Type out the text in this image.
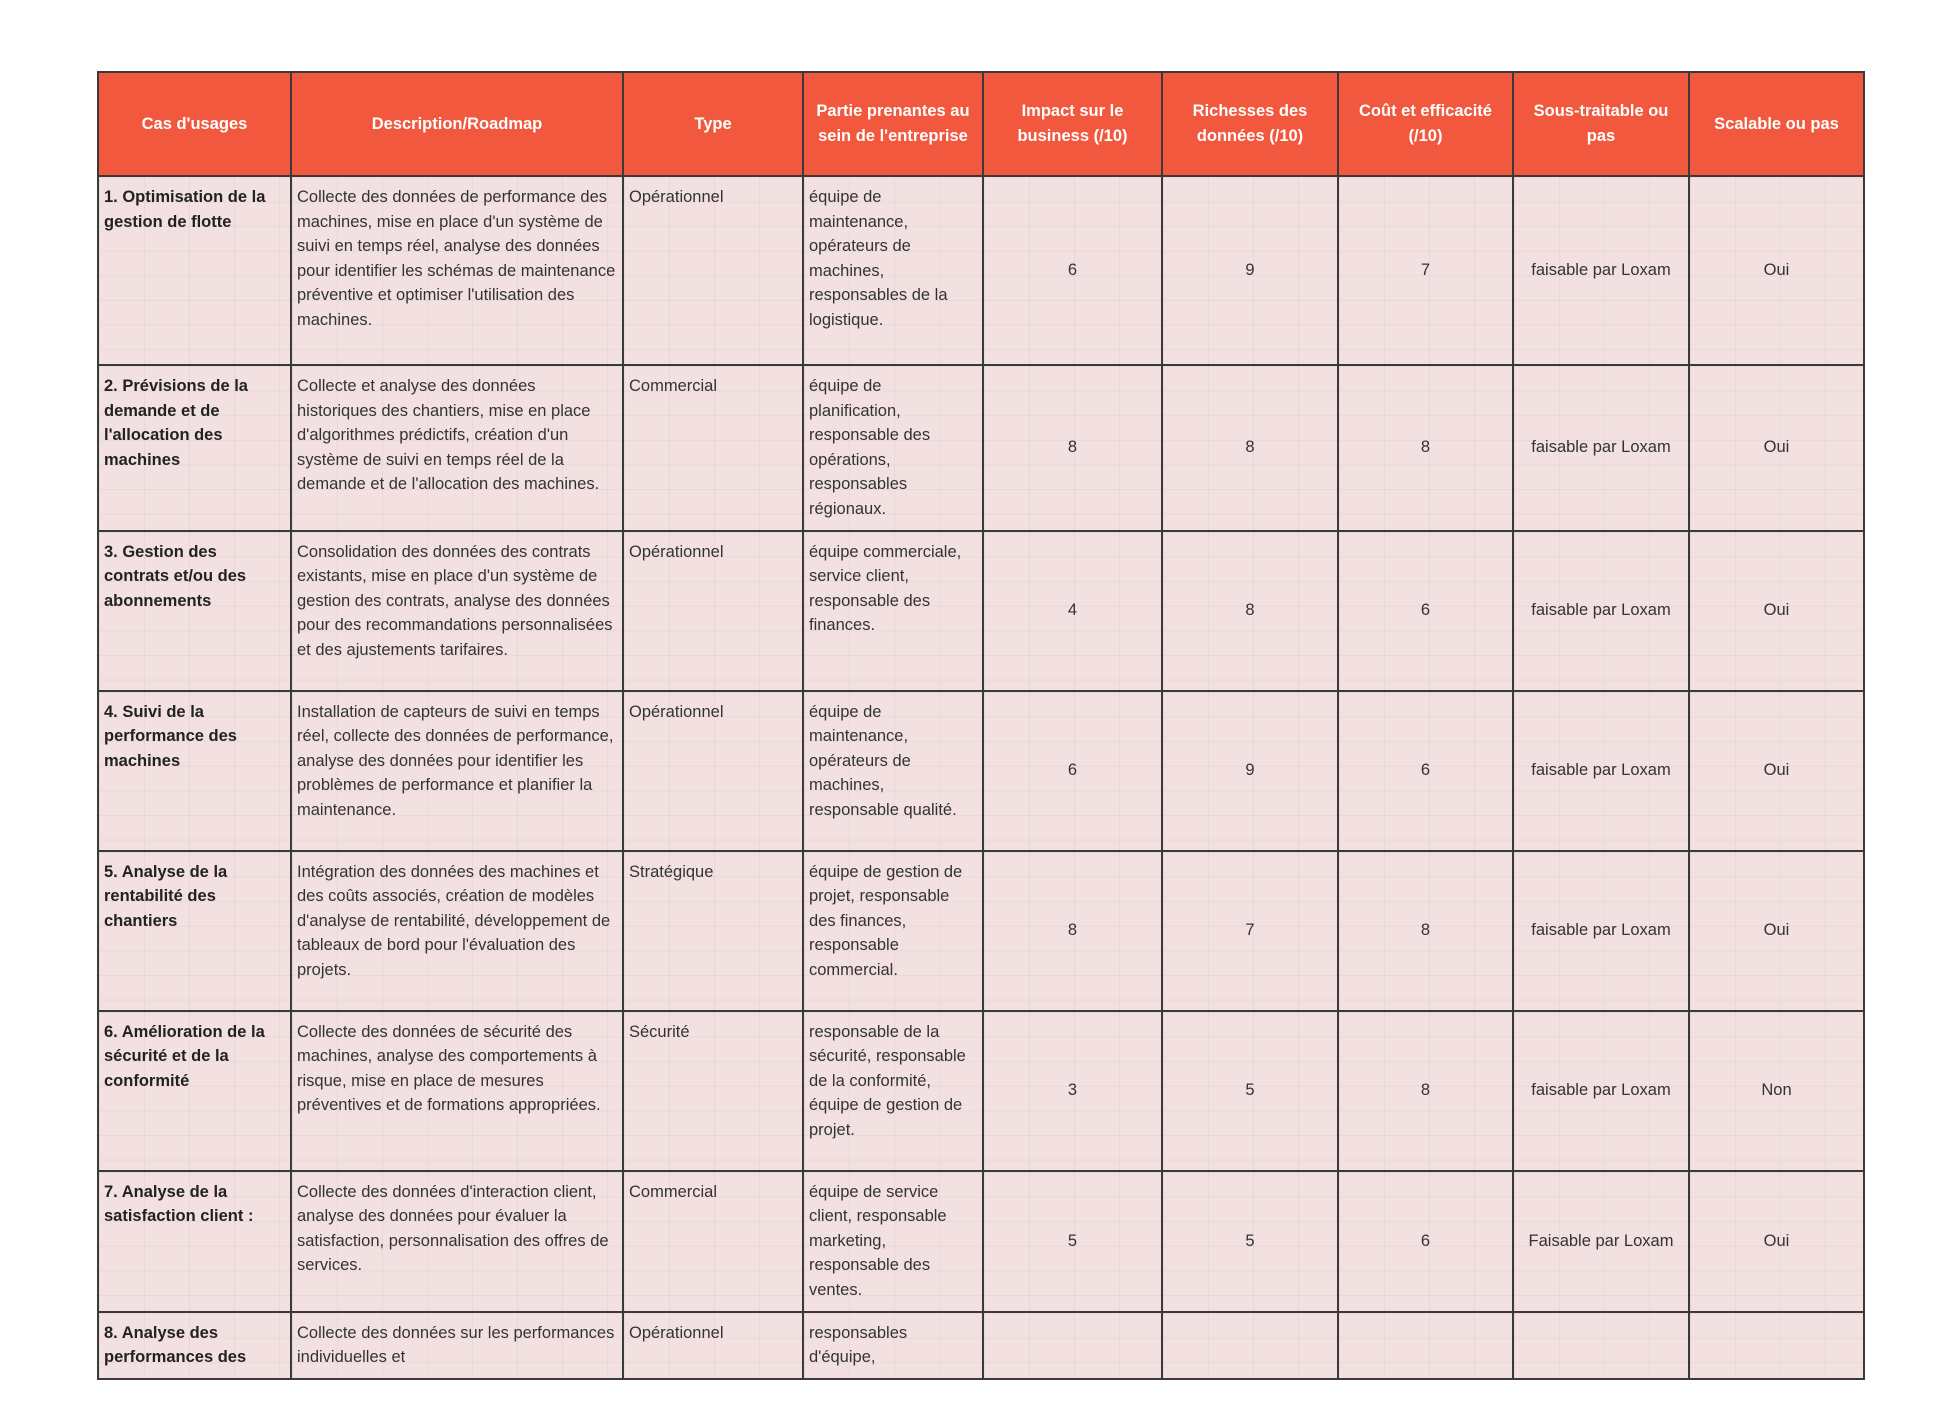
Cas d'usages	Description/Roadmap	Type	Partie prenantes au sein de l'entreprise	Impact sur le business (/10)	Richesses des données (/10)	Coût et efficacité (/10)	Sous-traitable ou pas	Scalable ou pas
1. Optimisation de la gestion de flotte	Collecte des données de performance des machines, mise en place d'un système de suivi en temps réel, analyse des données pour identifier les schémas de maintenance préventive et optimiser l'utilisation des machines.	Opérationnel	équipe de maintenance, opérateurs de machines, responsables de la logistique.	6	9	7	faisable par Loxam	Oui
2. Prévisions de la demande et de l'allocation des machines	Collecte et analyse des données historiques des chantiers, mise en place d'algorithmes prédictifs, création d'un système de suivi en temps réel de la demande et de l'allocation des machines.	Commercial	équipe de planification, responsable des opérations, responsables régionaux.	8	8	8	faisable par Loxam	Oui
3. Gestion des contrats et/ou des abonnements	Consolidation des données des contrats existants, mise en place d'un système de gestion des contrats, analyse des données pour des recommandations personnalisées et des ajustements tarifaires.	Opérationnel	équipe commerciale, service client, responsable des finances.	4	8	6	faisable par Loxam	Oui
4. Suivi de la performance des machines	Installation de capteurs de suivi en temps réel, collecte des données de performance, analyse des données pour identifier les problèmes de performance et planifier la maintenance.	Opérationnel	équipe de maintenance, opérateurs de machines, responsable qualité.	6	9	6	faisable par Loxam	Oui
5. Analyse de la rentabilité des chantiers	Intégration des données des machines et des coûts associés, création de modèles d'analyse de rentabilité, développement de tableaux de bord pour l'évaluation des projets.	Stratégique	équipe de gestion de projet, responsable des finances, responsable commercial.	8	7	8	faisable par Loxam	Oui
6. Amélioration de la sécurité et de la conformité	Collecte des données de sécurité des machines, analyse des comportements à risque, mise en place de mesures préventives et de formations appropriées.	Sécurité	responsable de la sécurité, responsable de la conformité, équipe de gestion de projet.	3	5	8	faisable par Loxam	Non
7. Analyse de la satisfaction client :	Collecte des données d'interaction client, analyse des données pour évaluer la satisfaction, personnalisation des offres de services.	Commercial	équipe de service client, responsable marketing, responsable des ventes.	5	5	6	Faisable par Loxam	Oui
8. Analyse des performances des	Collecte des données sur les performances individuelles et	Opérationnel	responsables d'équipe,					
